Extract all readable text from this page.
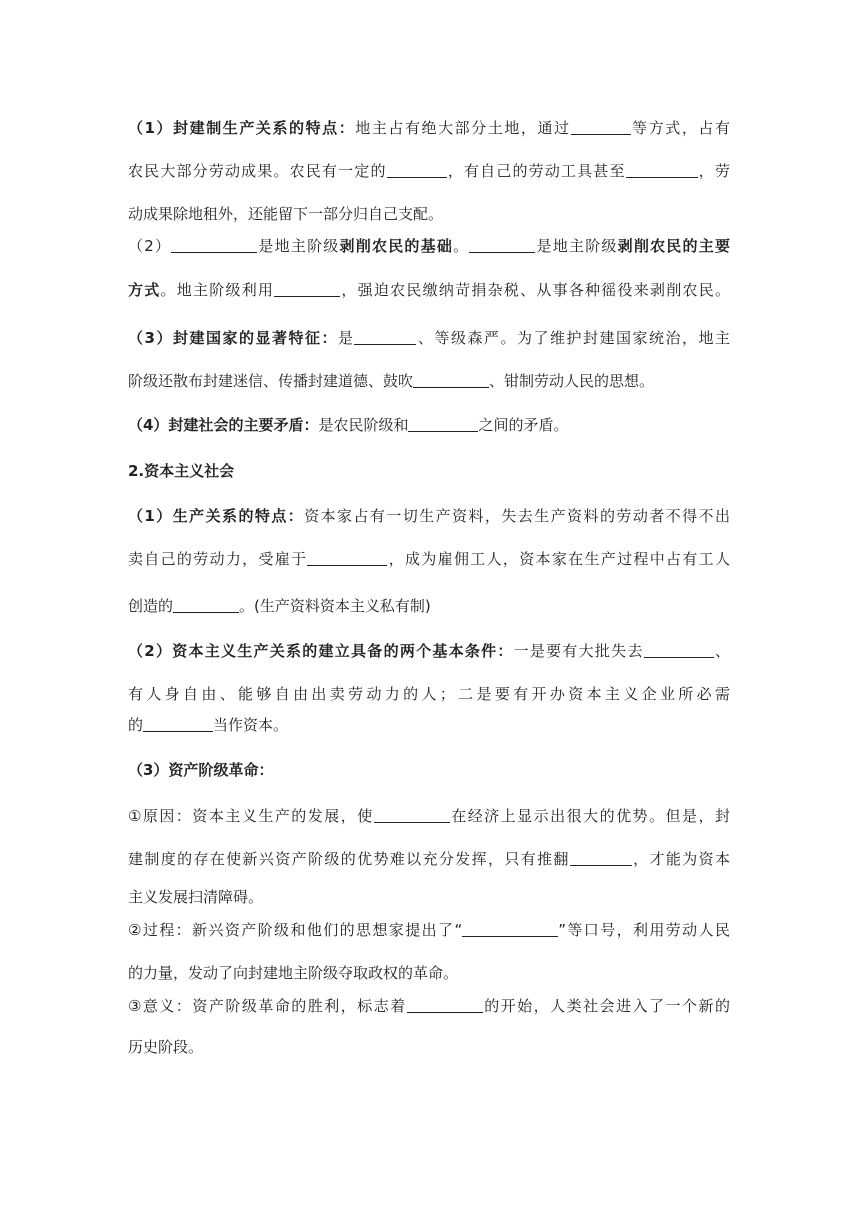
（1）封建制生产关系的特点：地主占有绝大部分土地，通过	等方式，占有
农民大部分劳动成果。农民有一定的	，有自己的劳动工具甚至	，劳
动成果除地租外，还能留下一部分归自己支配。
（2）	是地主阶级剥削农民的基础。	是地主阶级剥削农民的主要
方式。地主阶级利用	，强迫农民缴纳苛捐杂税、从事各种徭役来剥削农民。
（3）封建国家的显著特征：是	、等级森严。为了维护封建国家统治，地主
阶级还散布封建迷信、传播封建道德、鼓吹	、钳制劳动人民的思想。
（4）封建社会的主要矛盾：是农民阶级和	之间的矛盾。
2.资本主义社会
（1）生产关系的特点：资本家占有一切生产资料，失去生产资料的劳动者不得不出
卖自己的劳动力，受雇于	，成为雇佣工人，资本家在生产过程中占有工人
创造的	。(生产资料资本主义私有制)
（2）资本主义生产关系的建立具备的两个基本条件：一是要有大批失去	、
有人身自由、能够自由出卖劳动力的人；二是要有开办资本主义企业所必需
的	当作资本。
（3）资产阶级革命：
①原因：资本主义生产的发展，使	在经济上显示出很大的优势。但是，封
建制度的存在使新兴资产阶级的优势难以充分发挥，只有推翻	，才能为资本
主义发展扫清障碍。
②过程：新兴资产阶级和他们的思想家提出了“	”等口号，利用劳动人民
的力量，发动了向封建地主阶级夺取政权的革命。
③意义：资产阶级革命的胜利，标志着	的开始，人类社会进入了一个新的
历史阶段。
